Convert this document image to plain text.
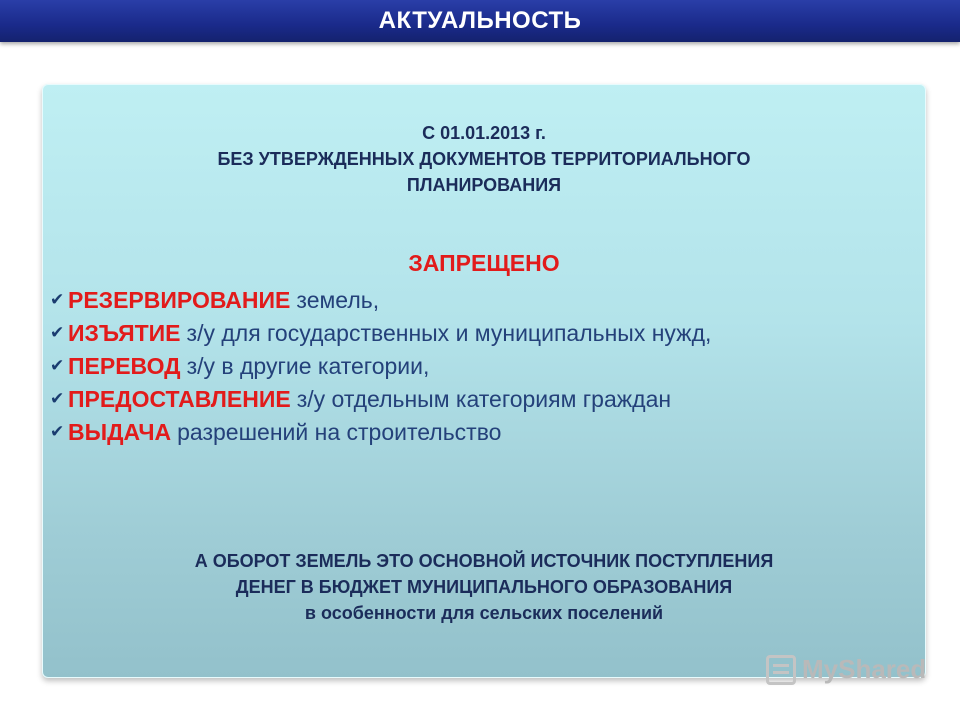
АКТУАЛЬНОСТЬ
С 01.01.2013 г.
БЕЗ УТВЕРЖДЕННЫХ ДОКУМЕНТОВ ТЕРРИТОРИАЛЬНОГО
ПЛАНИРОВАНИЯ
ЗАПРЕЩЕНО
✔ РЕЗЕРВИРОВАНИЕ земель,
✔ ИЗЪЯТИЕ з/у для государственных и муниципальных нужд,
✔ ПЕРЕВОД з/у в другие категории,
✔ ПРЕДОСТАВЛЕНИЕ з/у отдельным категориям граждан
✔ ВЫДАЧА разрешений на строительство
А ОБОРОТ ЗЕМЕЛЬ ЭТО ОСНОВНОЙ ИСТОЧНИК ПОСТУПЛЕНИЯ
ДЕНЕГ В БЮДЖЕТ МУНИЦИПАЛЬНОГО ОБРАЗОВАНИЯ
в особенности для сельских поселений
MyShared
